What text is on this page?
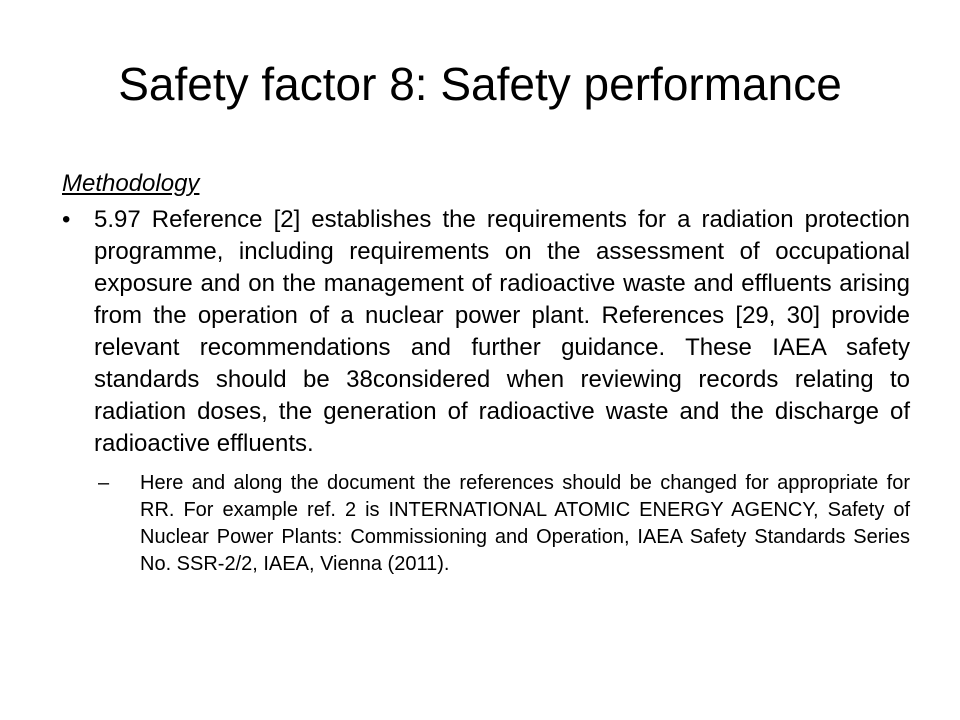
Safety factor 8: Safety performance
Methodology
• 5.97 Reference [2] establishes the requirements for a radiation protection programme, including requirements on the assessment of occupational exposure and on the management of radioactive waste and effluents arising from the operation of a nuclear power plant. References [29, 30] provide relevant recommendations and further guidance. These IAEA safety standards should be 38considered when reviewing records relating to radiation doses, the generation of radioactive waste and the discharge of radioactive effluents.
– Here and along the document the references should be changed for appropriate for RR. For example ref. 2 is INTERNATIONAL ATOMIC ENERGY AGENCY, Safety of Nuclear Power Plants: Commissioning and Operation, IAEA Safety Standards Series No. SSR-2/2, IAEA, Vienna (2011).
